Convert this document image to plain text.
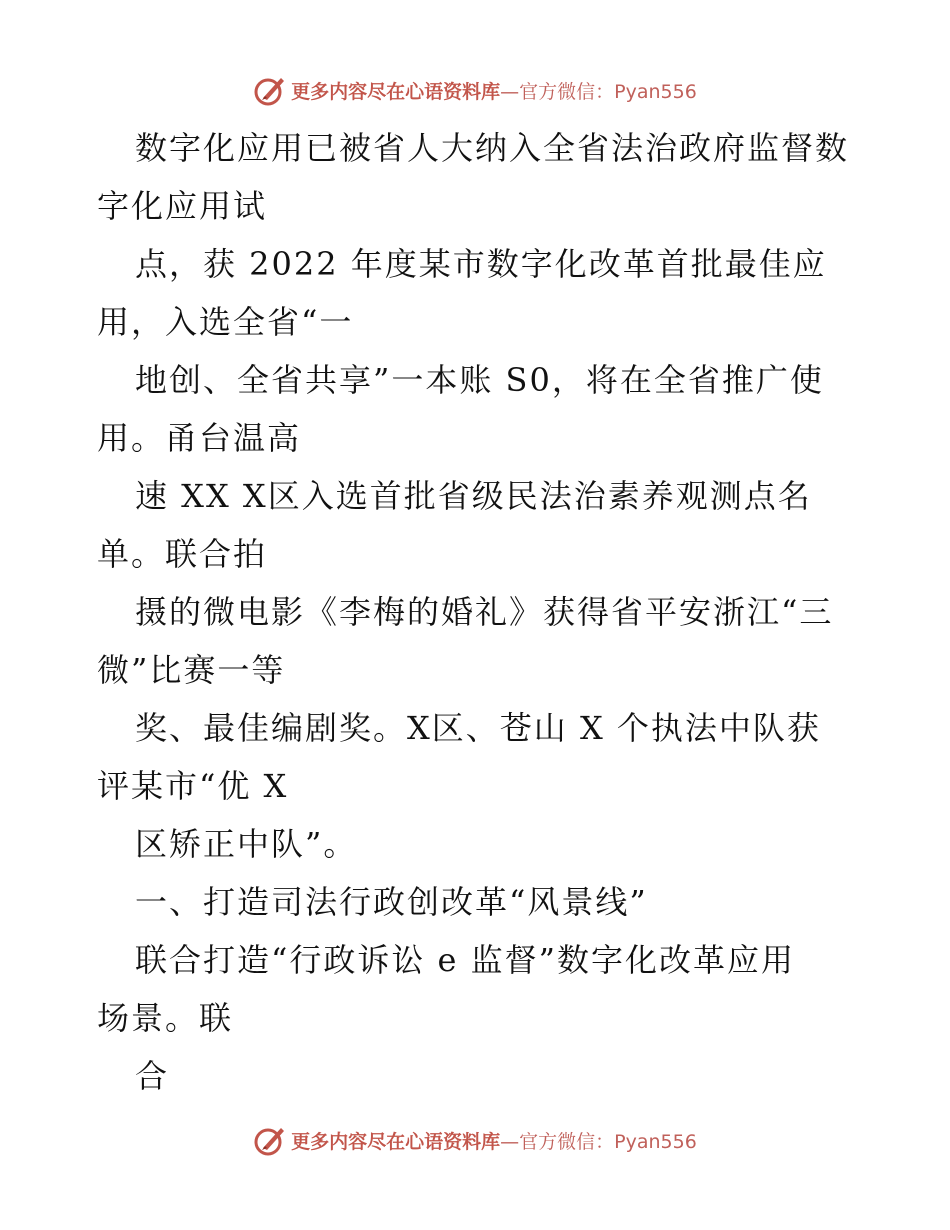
更多内容尽在心语资料库—官方微信：Pyan556
数字化应用已被省人大纳入全省法治政府监督数
字化应用试
点，获 2022 年度某市数字化改革首批最佳应
用，入选全省“一
地创、全省共享”一本账 S0，将在全省推广使
用。甬台温高
速 XX X区入选首批省级民法治素养观测点名
单。联合拍
摄的微电影《李梅的婚礼》获得省平安浙江“三
微”比赛一等
奖、最佳编剧奖。X区、苍山 X 个执法中队获
评某市“优 X
区矫正中队”。
一、打造司法行政创改革“风景线”
联合打造“行政诉讼 e 监督”数字化改革应用
场景。联
合
更多内容尽在心语资料库—官方微信：Pyan556
